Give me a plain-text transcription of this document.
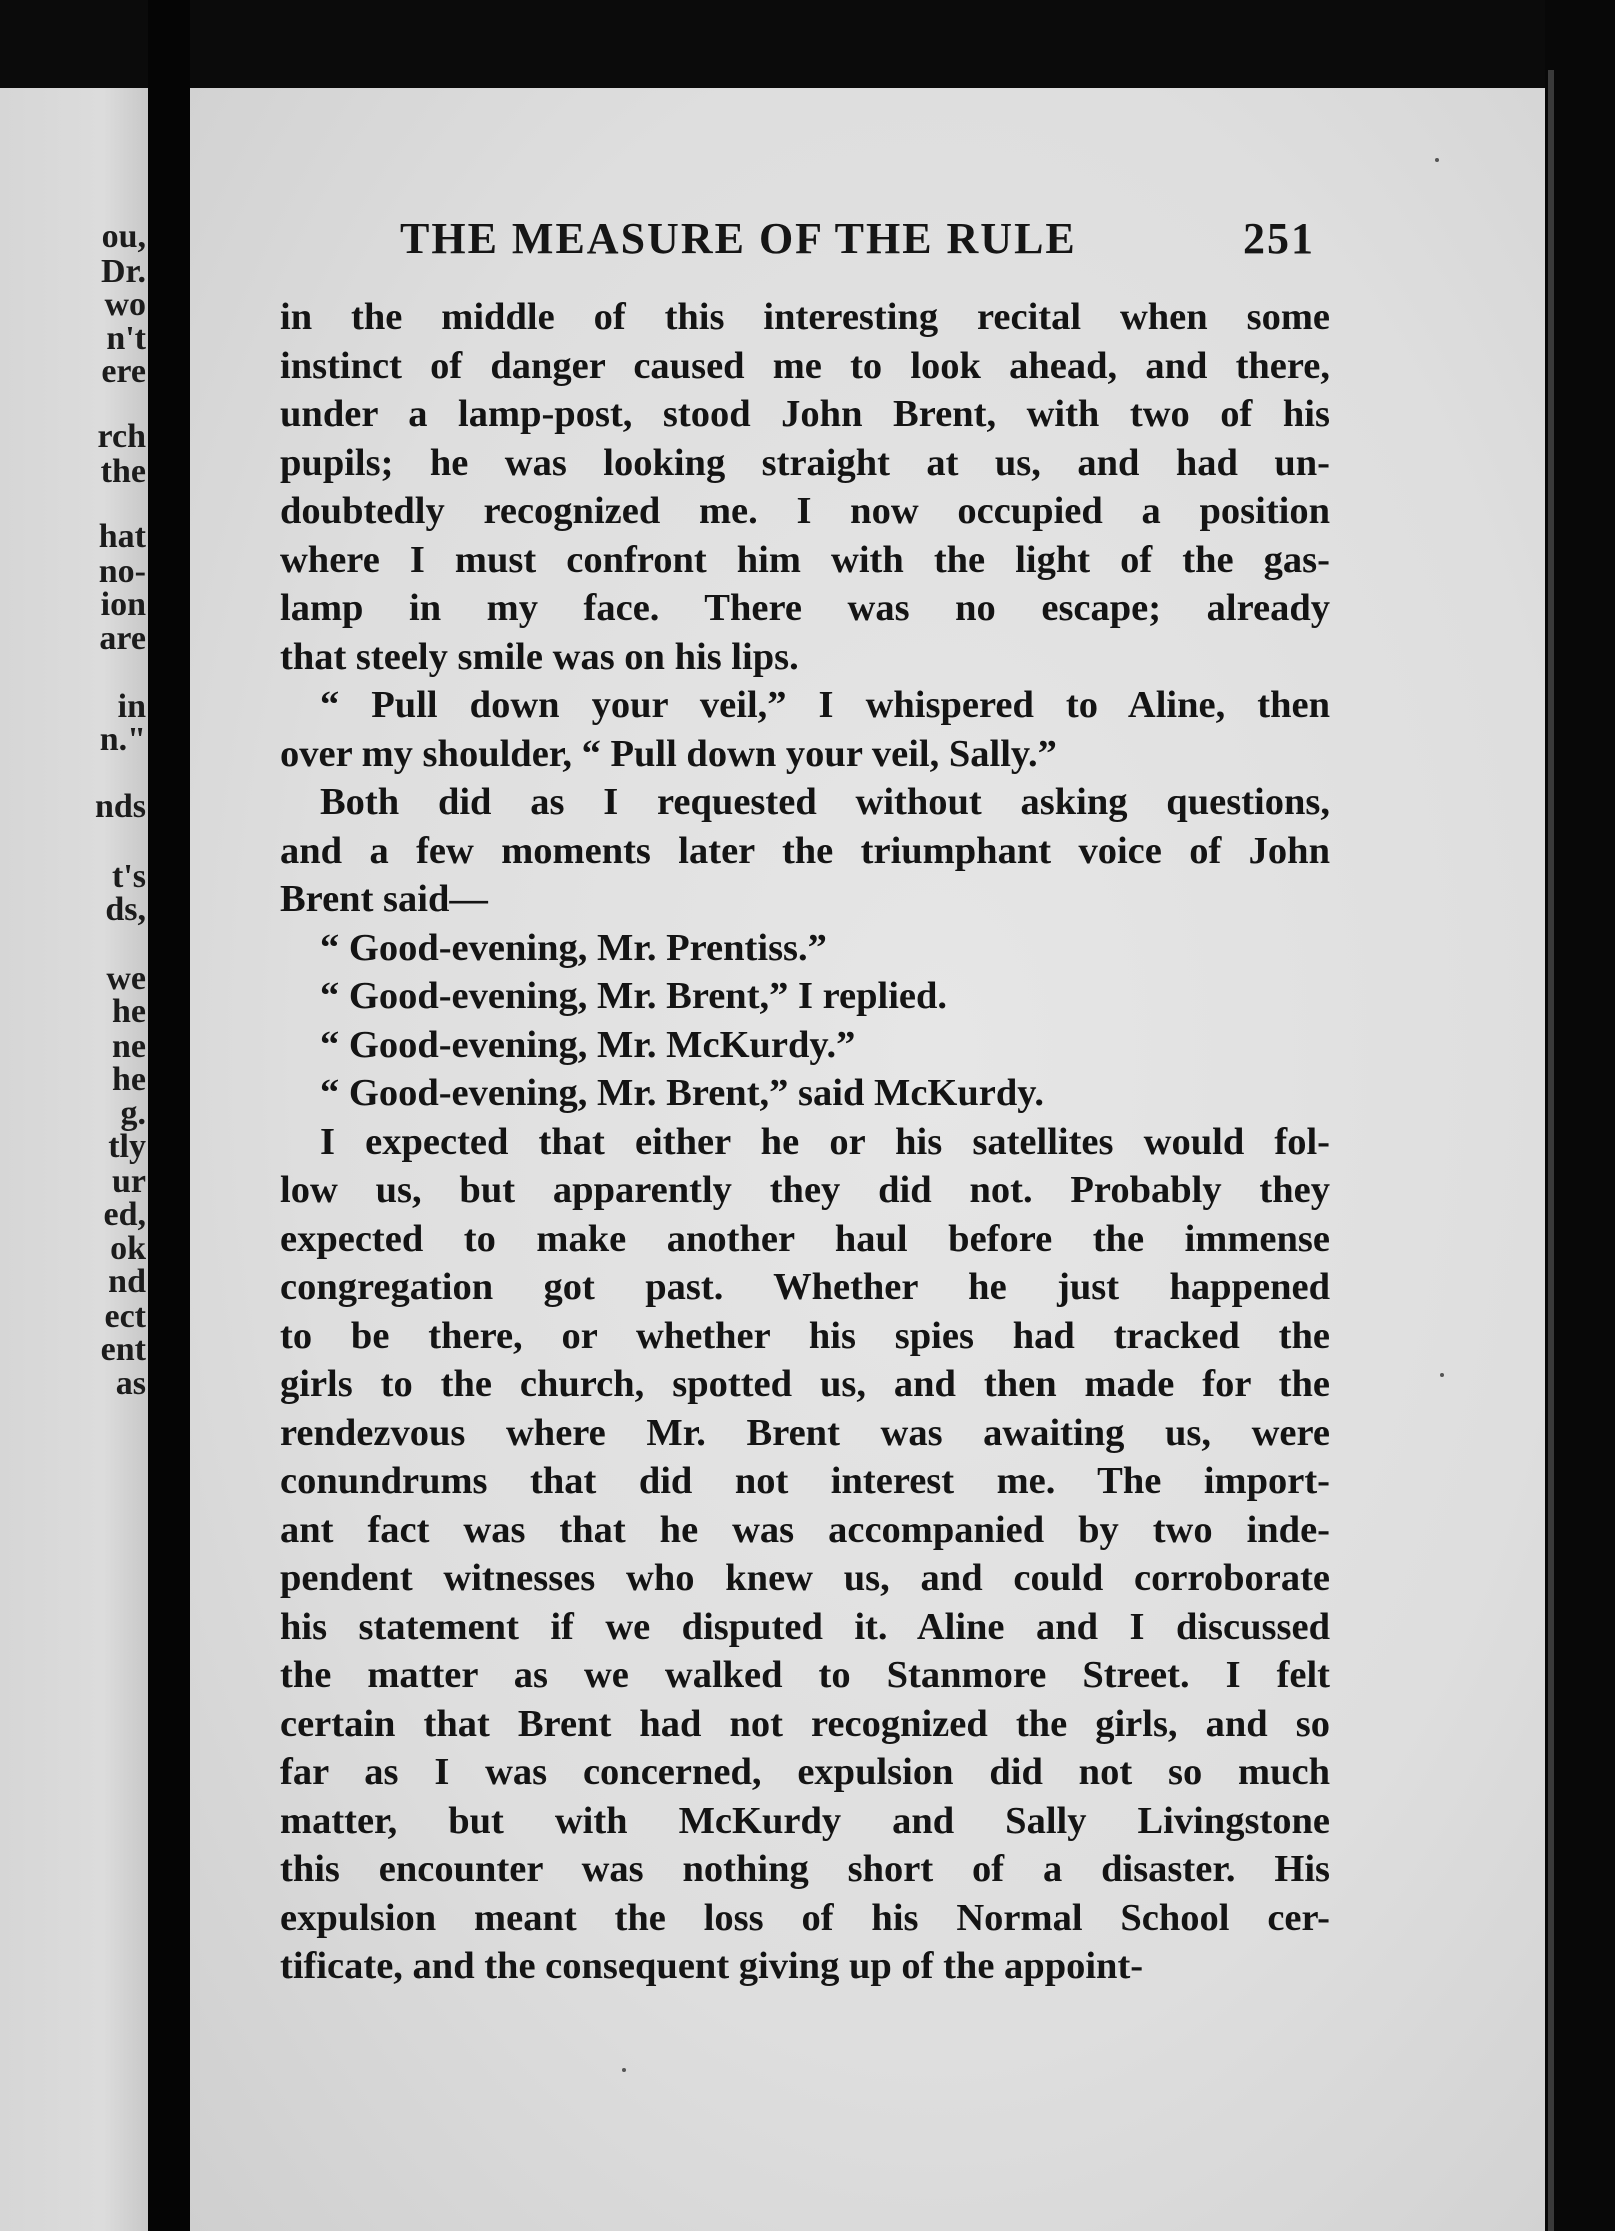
ou,
Dr.
wo
n't
ere
rch
the
hat
no-
ion
are
in
n."
nds
t's
ds,
we
he
ne
he
g.
tly
ur
ed,
ok
nd
ect
ent
as
THE MEASURE OF THE RULE	251
in the middle of this interesting recital when some
instinct of danger caused me to look ahead, and there,
under a lamp-post, stood John Brent, with two of his
pupils; he was looking straight at us, and had un-
doubtedly recognized me. I now occupied a position
where I must confront him with the light of the gas-
lamp in my face. There was no escape; already
that steely smile was on his lips.
“ Pull down your veil,” I whispered to Aline, then
over my shoulder, “ Pull down your veil, Sally.”
Both did as I requested without asking questions,
and a few moments later the triumphant voice of John
Brent said—
“ Good-evening, Mr. Prentiss.”
“ Good-evening, Mr. Brent,” I replied.
“ Good-evening, Mr. McKurdy.”
“ Good-evening, Mr. Brent,” said McKurdy.
I expected that either he or his satellites would fol-
low us, but apparently they did not. Probably they
expected to make another haul before the immense
congregation got past. Whether he just happened
to be there, or whether his spies had tracked the
girls to the church, spotted us, and then made for the
rendezvous where Mr. Brent was awaiting us, were
conundrums that did not interest me. The import-
ant fact was that he was accompanied by two inde-
pendent witnesses who knew us, and could corroborate
his statement if we disputed it. Aline and I discussed
the matter as we walked to Stanmore Street. I felt
certain that Brent had not recognized the girls, and so
far as I was concerned, expulsion did not so much
matter, but with McKurdy and Sally Livingstone
this encounter was nothing short of a disaster. His
expulsion meant the loss of his Normal School cer-
tificate, and the consequent giving up of the appoint-
